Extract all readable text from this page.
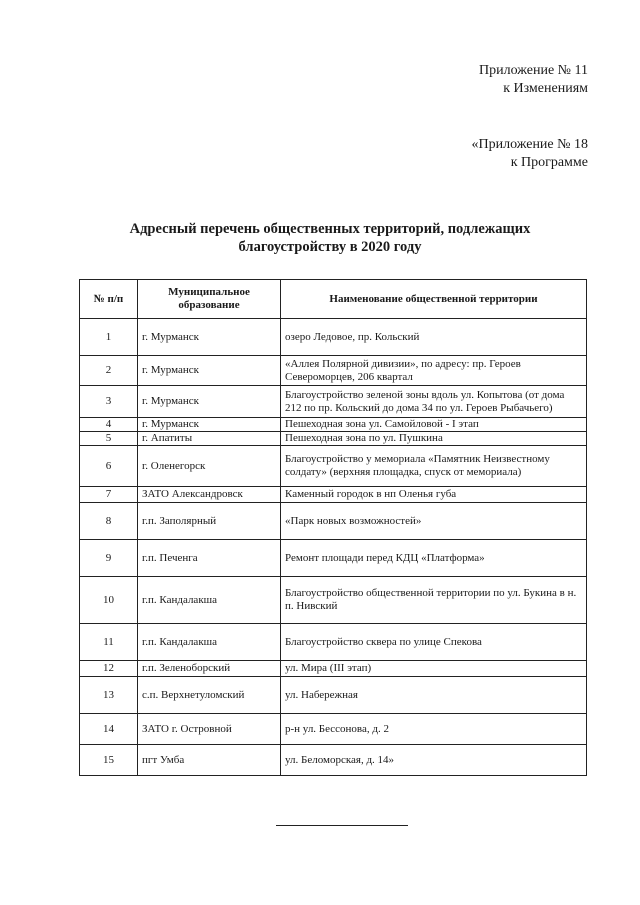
Приложение № 11
к Изменениям
«Приложение № 18
к Программе
Адресный перечень общественных территорий, подлежащих
благоустройству в 2020 году
№ п/п	Муниципальное образование	Наименование общественной территории
1	г. Мурманск	озеро Ледовое, пр. Кольский
2	г. Мурманск	«Аллея Полярной дивизии», по адресу: пр. Героев Североморцев, 206 квартал
3	г. Мурманск	Благоустройство зеленой зоны вдоль ул. Копытова (от дома 212 по пр. Кольский до дома 34 по ул. Героев Рыбачьего)
4	г. Мурманск	Пешеходная зона ул. Самойловой - I этап
5	г. Апатиты	Пешеходная зона по ул. Пушкина
6	г. Оленегорск	Благоустройство у мемориала «Памятник Неизвестному солдату» (верхняя площадка, спуск от мемориала)
7	ЗАТО Александровск	Каменный городок в нп Оленья губа
8	г.п. Заполярный	«Парк новых возможностей»
9	г.п. Печенга	Ремонт площади перед КДЦ «Платформа»
10	г.п. Кандалакша	Благоустройство общественной территории по ул. Букина в н. п. Нивский
11	г.п. Кандалакша	Благоустройство сквера по улице Спекова
12	г.п. Зеленоборский	ул. Мира (III этап)
13	с.п. Верхнетуломский	ул. Набережная
14	ЗАТО г. Островной	р-н ул. Бессонова, д. 2
15	пгт Умба	ул. Беломорская, д. 14»
